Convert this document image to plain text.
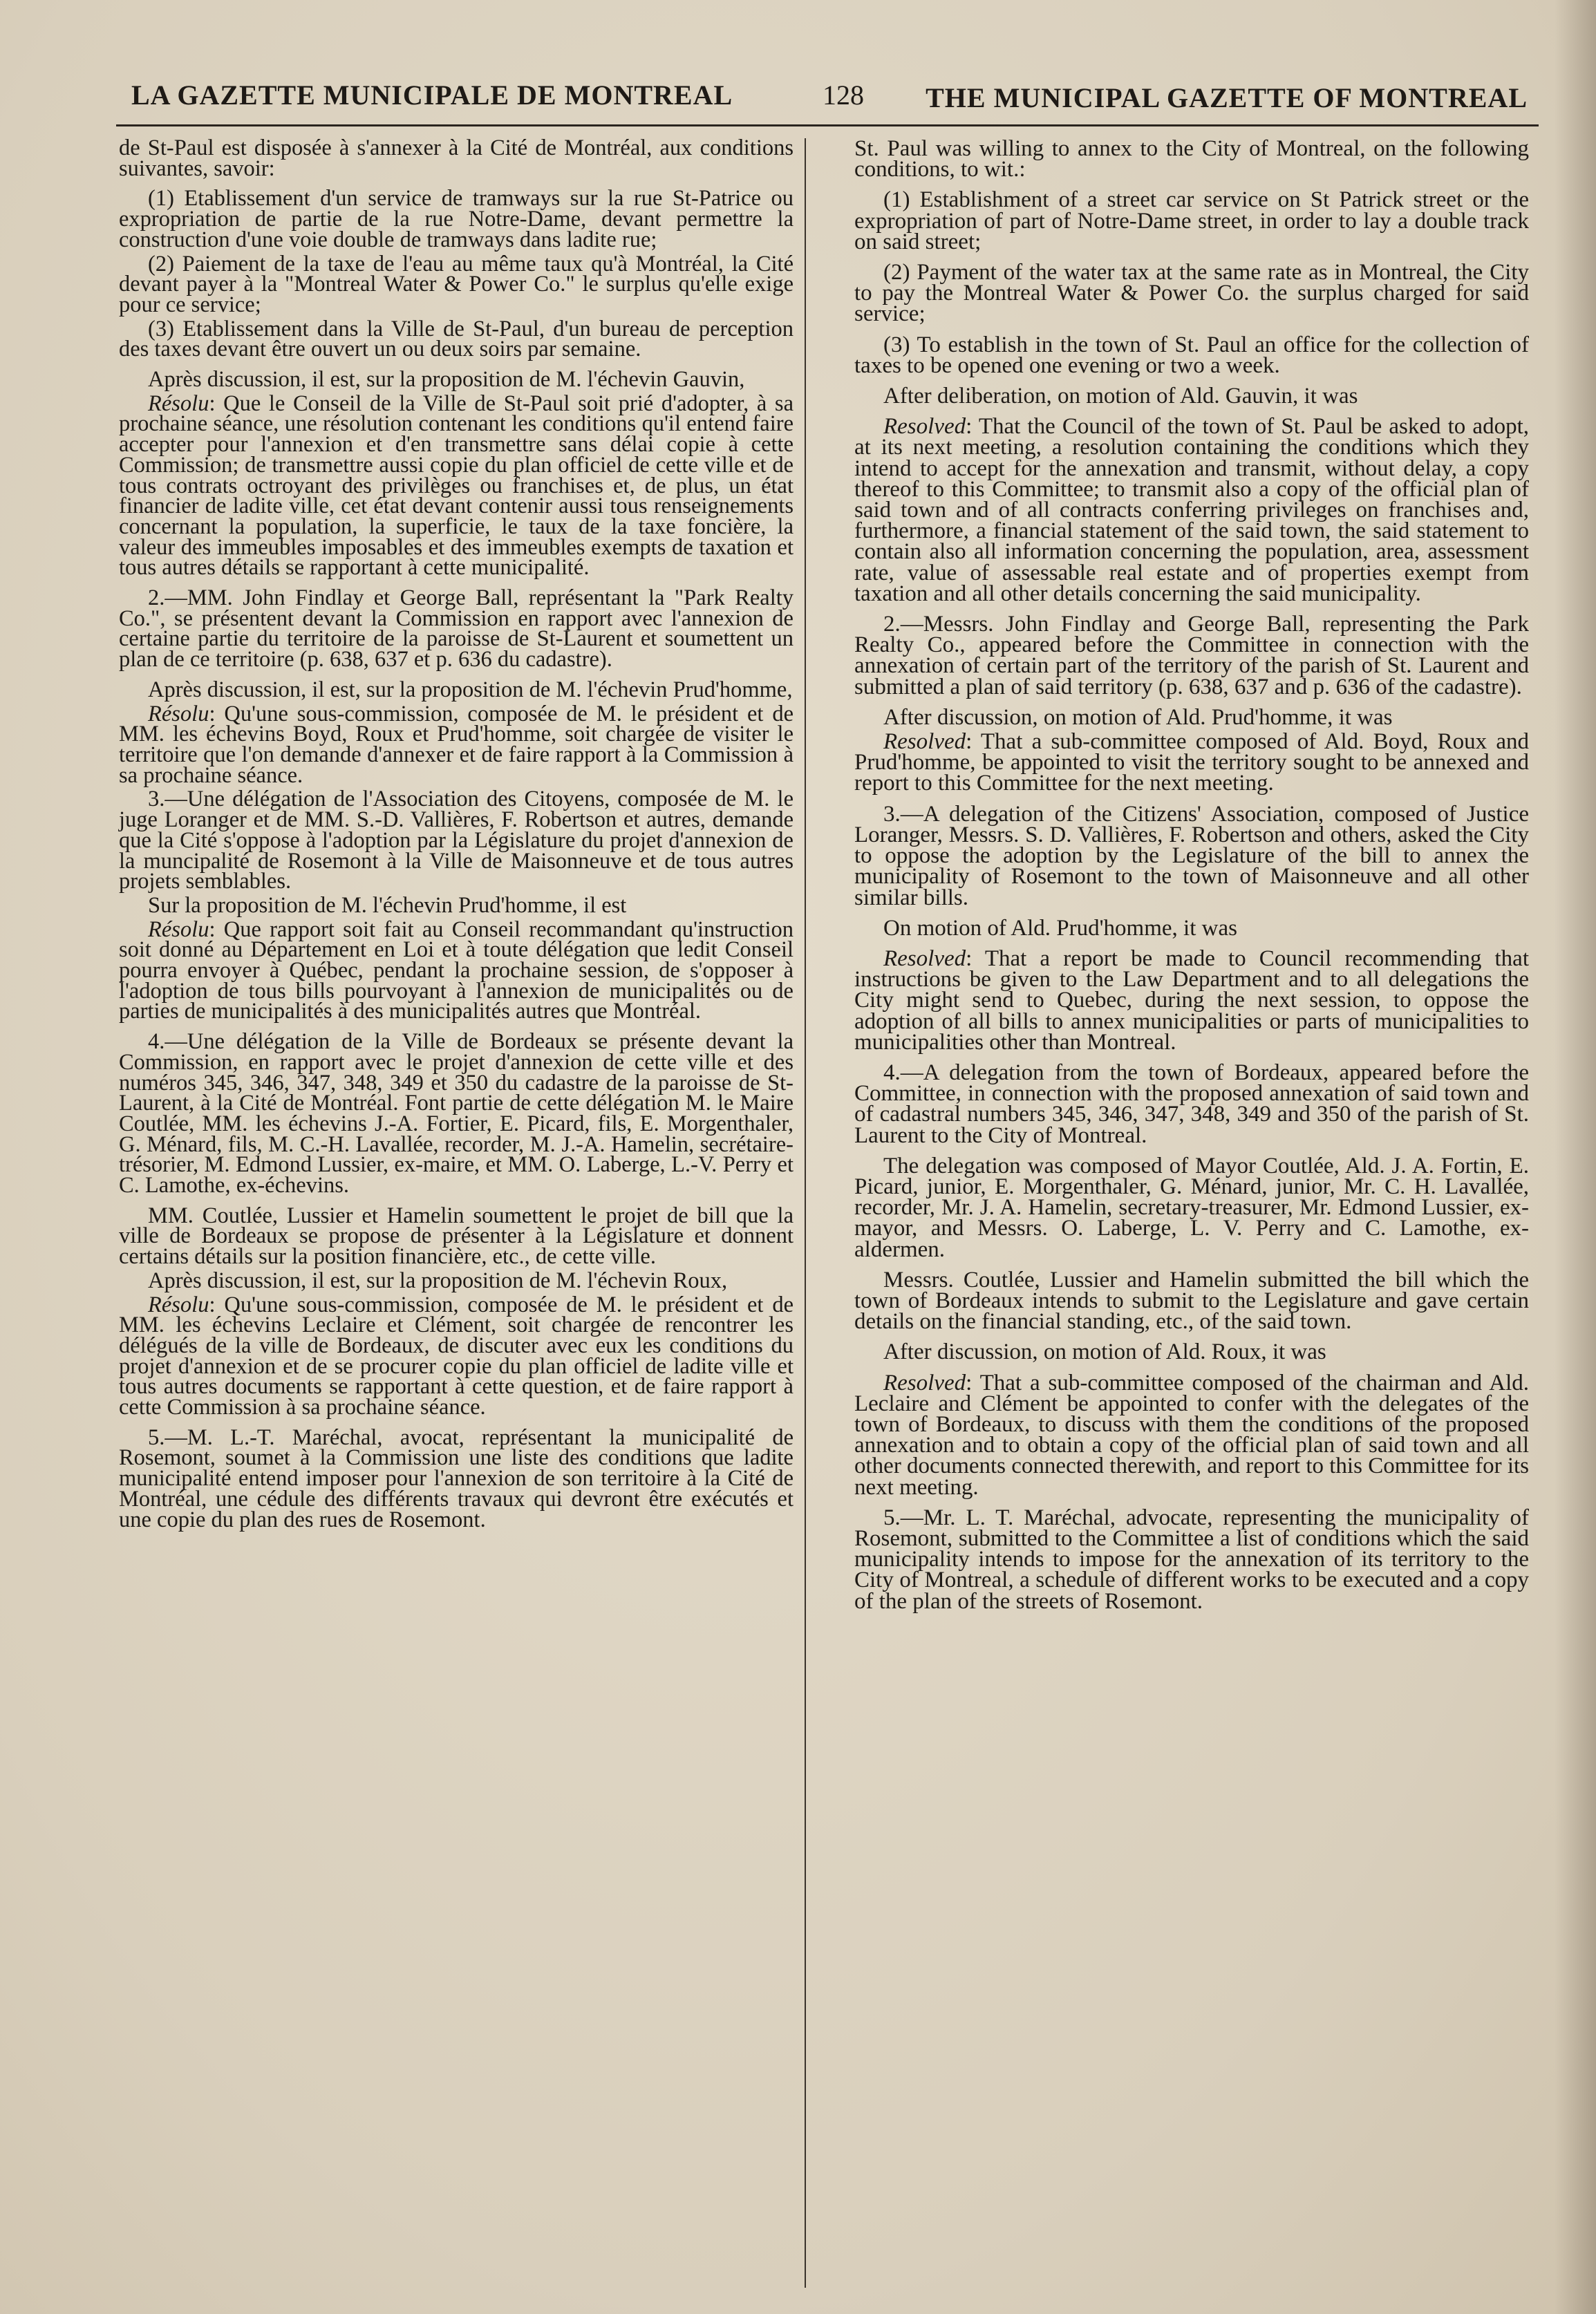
LA GAZETTE MUNICIPALE DE MONTREAL	128 THE MUNICIPAL GAZETTE OF MONTREAL

de St-Paul est disposée à s'annexer à la Cité de Montréal, aux conditions suivantes, savoir:

(1) Etablissement d'un service de tramways sur la rue St-Patrice ou expropriation de partie de la rue Notre-Dame, devant permettre la construction d'une voie double de tramways dans ladite rue;

(2) Paiement de la taxe de l'eau au même taux qu'à Montréal, la Cité devant payer à la "Montreal Water & Power Co." le surplus qu'elle exige pour ce service;

(3) Etablissement dans la Ville de St-Paul, d'un bureau de perception des taxes devant être ouvert un ou deux soirs par semaine.

Après discussion, il est, sur la proposition de M. l'échevin Gauvin,

Résolu: Que le Conseil de la Ville de St-Paul soit prié d'adopter, à sa prochaine séance, une résolution contenant les conditions qu'il entend faire accepter pour l'annexion et d'en transmettre sans délai copie à cette Commission; de transmettre aussi copie du plan officiel de cette ville et de tous contrats octroyant des privilèges ou franchises et, de plus, un état financier de ladite ville, cet état devant contenir aussi tous renseignements concernant la population, la superficie, le taux de la taxe foncière, la valeur des immeubles imposables et des immeubles exempts de taxation et tous autres détails se rapportant à cette municipalité.

2.—MM. John Findlay et George Ball, représentant la "Park Realty Co.", se présentent devant la Commission en rapport avec l'annexion de certaine partie du territoire de la paroisse de St-Laurent et soumettent un plan de ce territoire (p. 638, 637 et p. 636 du cadastre).

Après discussion, il est, sur la proposition de M. l'échevin Prud'homme,

Résolu: Qu'une sous-commission, composée de M. le président et de MM. les échevins Boyd, Roux et Prud'homme, soit chargée de visiter le territoire que l'on demande d'annexer et de faire rapport à la Commission à sa prochaine séance.

3.—Une délégation de l'Association des Citoyens, composée de M. le juge Loranger et de MM. S.-D. Vallières, F. Robertson et autres, demande que la Cité s'oppose à l'adoption par la Législature du projet d'annexion de la muncipalité de Rosemont à la Ville de Maisonneuve et de tous autres projets semblables.

Sur la proposition de M. l'échevin Prud'homme, il est

Résolu: Que rapport soit fait au Conseil recommandant qu'instruction soit donné au Département en Loi et à toute délégation que ledit Conseil pourra envoyer à Québec, pendant la prochaine session, de s'opposer à l'adoption de tous bills pourvoyant à l'annexion de municipalités ou de parties de municipalités à des municipalités autres que Montréal.

4.—Une délégation de la Ville de Bordeaux se présente devant la Commission, en rapport avec le projet d'annexion de cette ville et des numéros 345, 346, 347, 348, 349 et 350 du cadastre de la paroisse de St-Laurent, à la Cité de Montréal. Font partie de cette délégation M. le Maire Coutlée, MM. les échevins J.-A. Fortier, E. Picard, fils, E. Morgenthaler, G. Ménard, fils, M. C.-H. Lavallée, recorder, M. J.-A. Hamelin, secrétaire-trésorier, M. Edmond Lussier, ex-maire, et MM. O. Laberge, L.-V. Perry et C. Lamothe, ex-échevins.

MM. Coutlée, Lussier et Hamelin soumettent le projet de bill que la ville de Bordeaux se propose de présenter à la Législature et donnent certains détails sur la position financière, etc., de cette ville.

Après discussion, il est, sur la proposition de M. l'échevin Roux,

Résolu: Qu'une sous-commission, composée de M. le président et de MM. les échevins Leclaire et Clément, soit chargée de rencontrer les délégués de la ville de Bordeaux, de discuter avec eux les conditions du projet d'annexion et de se procurer copie du plan officiel de ladite ville et tous autres documents se rapportant à cette question, et de faire rapport à cette Commission à sa prochaine séance.

5.—M. L.-T. Maréchal, avocat, représentant la municipalité de Rosemont, soumet à la Commission une liste des conditions que ladite municipalité entend imposer pour l'annexion de son territoire à la Cité de Montréal, une cédule des différents travaux qui devront être exécutés et une copie du plan des rues de Rosemont.

St. Paul was willing to annex to the City of Montreal, on the following conditions, to wit.:

(1) Establishment of a street car service on St Patrick street or the expropriation of part of Notre-Dame street, in order to lay a double track on said street;

(2) Payment of the water tax at the same rate as in Montreal, the City to pay the Montreal Water & Power Co. the surplus charged for said service;

(3) To establish in the town of St. Paul an office for the collection of taxes to be opened one evening or two a week.

After deliberation, on motion of Ald. Gauvin, it was

Resolved: That the Council of the town of St. Paul be asked to adopt, at its next meeting, a resolution containing the conditions which they intend to accept for the annexation and transmit, without delay, a copy thereof to this Committee; to transmit also a copy of the official plan of said town and of all contracts conferring privileges on franchises and, furthermore, a financial statement of the said town, the said statement to contain also all information concerning the population, area, assessment rate, value of assessable real estate and of properties exempt from taxation and all other details concerning the said municipality.

2.—Messrs. John Findlay and George Ball, representing the Park Realty Co., appeared before the Committee in connection with the annexation of certain part of the territory of the parish of St. Laurent and submitted a plan of said territory (p. 638, 637 and p. 636 of the cadastre).

After discussion, on motion of Ald. Prud'homme, it was

Resolved: That a sub-committee composed of Ald. Boyd, Roux and Prud'homme, be appointed to visit the territory sought to be annexed and report to this Committee for the next meeting.

3.—A delegation of the Citizens' Association, composed of Justice Loranger, Messrs. S. D. Vallières, F. Robertson and others, asked the City to oppose the adoption by the Legislature of the bill to annex the municipality of Rosemont to the town of Maisonneuve and all other similar bills.

On motion of Ald. Prud'homme, it was

Resolved: That a report be made to Council recommending that instructions be given to the Law Department and to all delegations the City might send to Quebec, during the next session, to oppose the adoption of all bills to annex municipalities or parts of municipalities to municipalities other than Montreal.

4.—A delegation from the town of Bordeaux, appeared before the Committee, in connection with the proposed annexation of said town and of cadastral numbers 345, 346, 347, 348, 349 and 350 of the parish of St. Laurent to the City of Montreal.

The delegation was composed of Mayor Coutlée, Ald. J. A. Fortin, E. Picard, junior, E. Morgenthaler, G. Ménard, junior, Mr. C. H. Lavallée, recorder, Mr. J. A. Hamelin, secretary-treasurer, Mr. Edmond Lussier, ex-mayor, and Messrs. O. Laberge, L. V. Perry and C. Lamothe, ex-aldermen.

Messrs. Coutlée, Lussier and Hamelin submitted the bill which the town of Bordeaux intends to submit to the Legislature and gave certain details on the financial standing, etc., of the said town.

After discussion, on motion of Ald. Roux, it was

Resolved: That a sub-committee composed of the chairman and Ald. Leclaire and Clément be appointed to confer with the delegates of the town of Bordeaux, to discuss with them the conditions of the proposed annexation and to obtain a copy of the official plan of said town and all other documents connected therewith, and report to this Committee for its next meeting.

5.—Mr. L. T. Maréchal, advocate, representing the municipality of Rosemont, submitted to the Committee a list of conditions which the said municipality intends to impose for the annexation of its territory to the City of Montreal, a schedule of different works to be executed and a copy of the plan of the streets of Rosemont.
